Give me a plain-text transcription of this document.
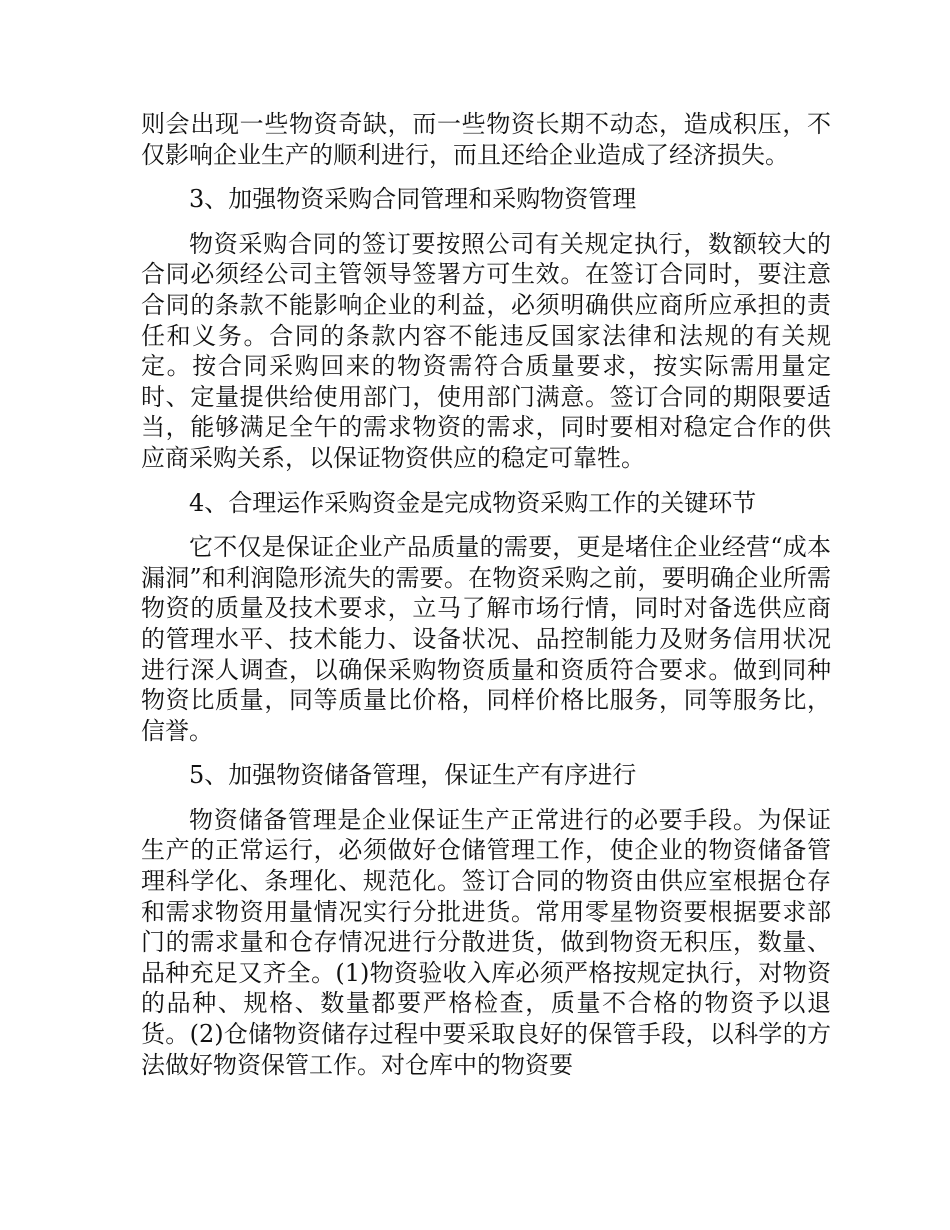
则会出现一些物资奇缺，而一些物资长期不动态，造成积压，不仅影响企业生产的顺利进行，而且还给企业造成了经济损失。

3、加强物资采购合同管理和采购物资管理

物资采购合同的签订要按照公司有关规定执行，数额较大的合同必须经公司主管领导签署方可生效。在签订合同时，要注意合同的条款不能影响企业的利益，必须明确供应商所应承担的责任和义务。合同的条款内容不能违反国家法律和法规的有关规定。按合同采购回来的物资需符合质量要求，按实际需用量定时、定量提供给使用部门，使用部门满意。签订合同的期限要适当，能够满足全午的需求物资的需求，同时要相对稳定合作的供应商采购关系，以保证物资供应的稳定可靠牲。

4、合理运作采购资金是完成物资采购工作的关键环节

它不仅是保证企业产品质量的需要，更是堵住企业经营“成本漏洞”和利润隐形流失的需要。在物资采购之前，要明确企业所需物资的质量及技术要求，立马了解市场行情，同时对备选供应商的管理水平、技术能力、设备状况、品控制能力及财务信用状况进行深人调查，以确保采购物资质量和资质符合要求。做到同种物资比质量，同等质量比价格，同样价格比服务，同等服务比，信誉。

5、加强物资储备管理，保证生产有序进行

物资储备管理是企业保证生产正常进行的必要手段。为保证生产的正常运行，必须做好仓储管理工作，使企业的物资储备管理科学化、条理化、规范化。签订合同的物资由供应室根据仓存和需求物资用量情况实行分批进货。常用零星物资要根据要求部门的需求量和仓存情况进行分散进货，做到物资无积压，数量、品种充足又齐全。(1)物资验收入库必须严格按规定执行，对物资的品种、规格、数量都要严格检查，质量不合格的物资予以退货。(2)仓储物资储存过程中要采取良好的保管手段，以科学的方法做好物资保管工作。对仓库中的物资要
